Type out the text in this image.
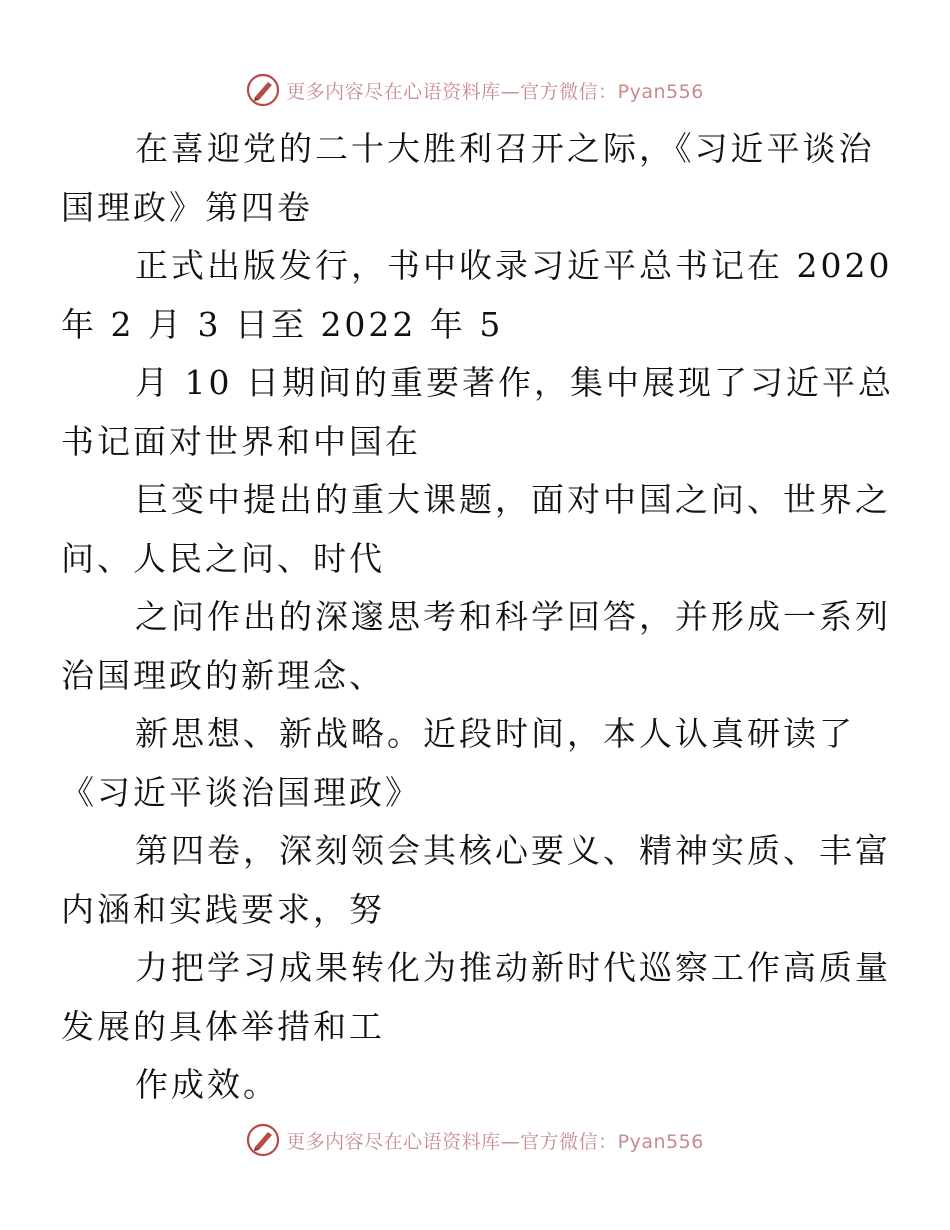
更多内容尽在心语资料库—官方微信：Pyan556

在喜迎党的二十大胜利召开之际，《习近平谈治
国理政》第四卷

正式出版发行，书中收录习近平总书记在 2020
年 2 月 3 日至 2022 年 5

月 10 日期间的重要著作，集中展现了习近平总
书记面对世界和中国在

巨变中提出的重大课题，面对中国之问、世界之
问、人民之问、时代

之问作出的深邃思考和科学回答，并形成一系列
治国理政的新理念、

新思想、新战略。近段时间，本人认真研读了
《习近平谈治国理政》

第四卷，深刻领会其核心要义、精神实质、丰富
内涵和实践要求，努

力把学习成果转化为推动新时代巡察工作高质量
发展的具体举措和工

作成效。

更多内容尽在心语资料库—官方微信：Pyan556
